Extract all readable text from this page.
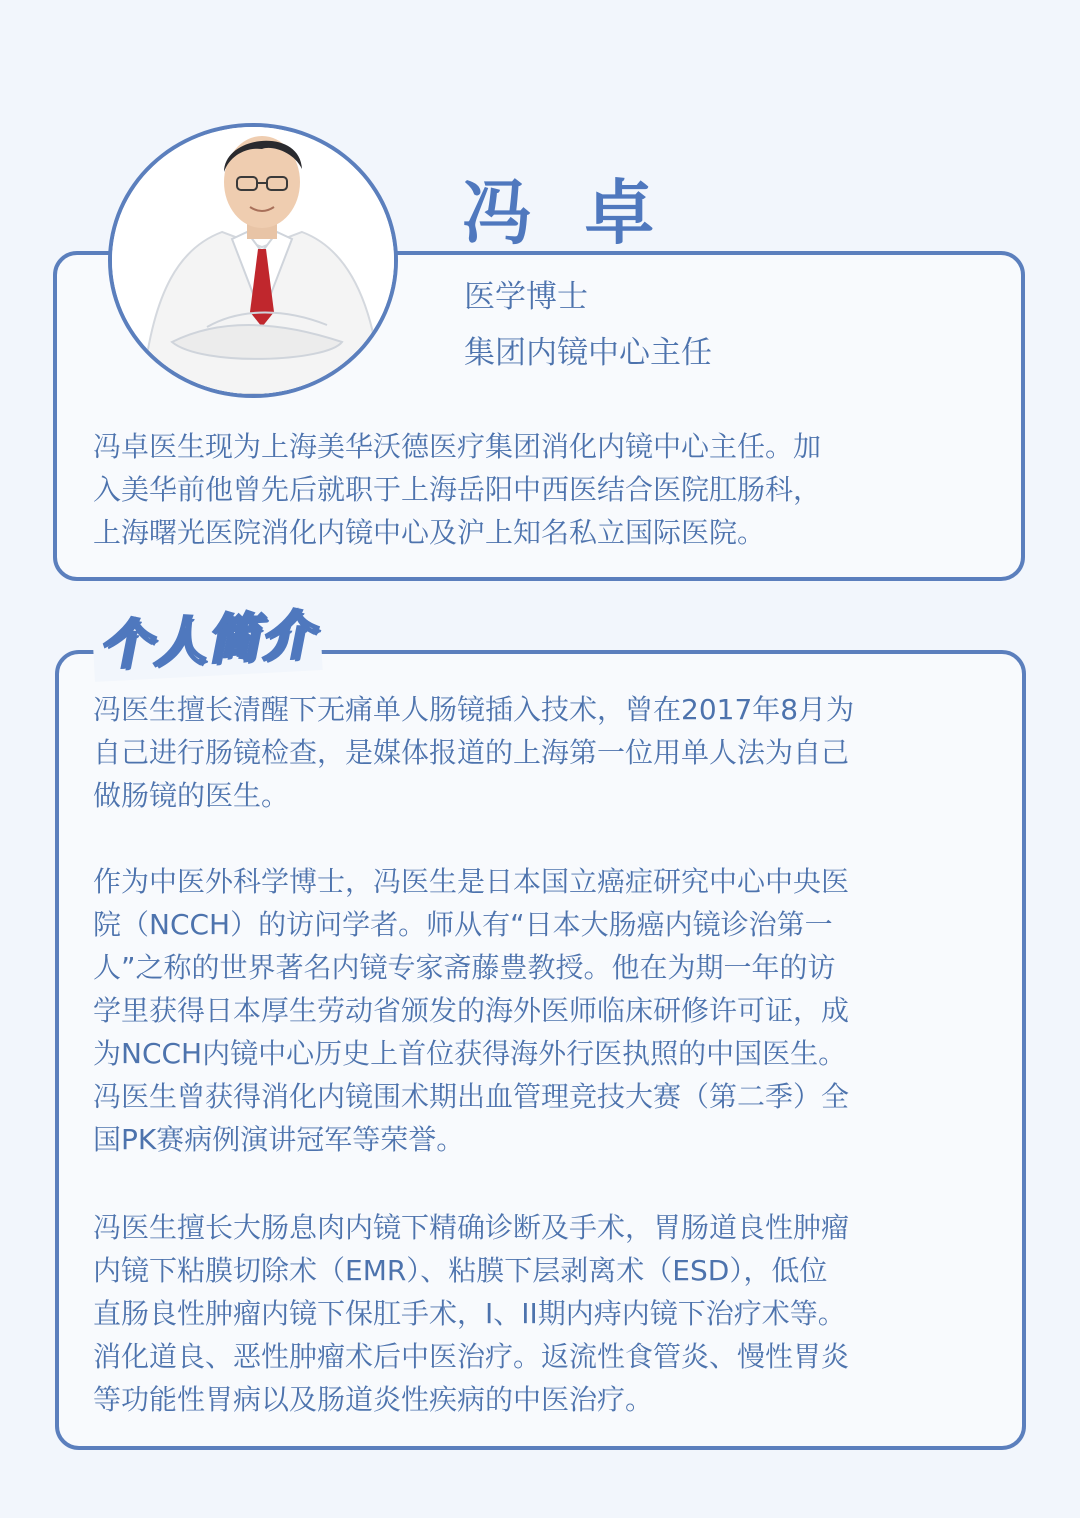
冯 卓
医学博士
集团内镜中心主任

冯卓医生现为上海美华沃德医疗集团消化内镜中心主任。加
入美华前他曾先后就职于上海岳阳中西医结合医院肛肠科，
上海曙光医院消化内镜中心及沪上知名私立国际医院。

个人简介

冯医生擅长清醒下无痛单人肠镜插入技术，曾在2017年8月为
自己进行肠镜检查，是媒体报道的上海第一位用单人法为自己
做肠镜的医生。

作为中医外科学博士，冯医生是日本国立癌症研究中心中央医
院（NCCH）的访问学者。师从有“日本大肠癌内镜诊治第一
人”之称的世界著名内镜专家斋藤豊教授。他在为期一年的访
学里获得日本厚生劳动省颁发的海外医师临床研修许可证，成
为NCCH内镜中心历史上首位获得海外行医执照的中国医生。
冯医生曾获得消化内镜围术期出血管理竞技大赛（第二季）全
国PK赛病例演讲冠军等荣誉。

冯医生擅长大肠息肉内镜下精确诊断及手术，胃肠道良性肿瘤
内镜下粘膜切除术（EMR）、粘膜下层剥离术（ESD），低位
直肠良性肿瘤内镜下保肛手术，I、II期内痔内镜下治疗术等。
消化道良、恶性肿瘤术后中医治疗。返流性食管炎、慢性胃炎
等功能性胃病以及肠道炎性疾病的中医治疗。
